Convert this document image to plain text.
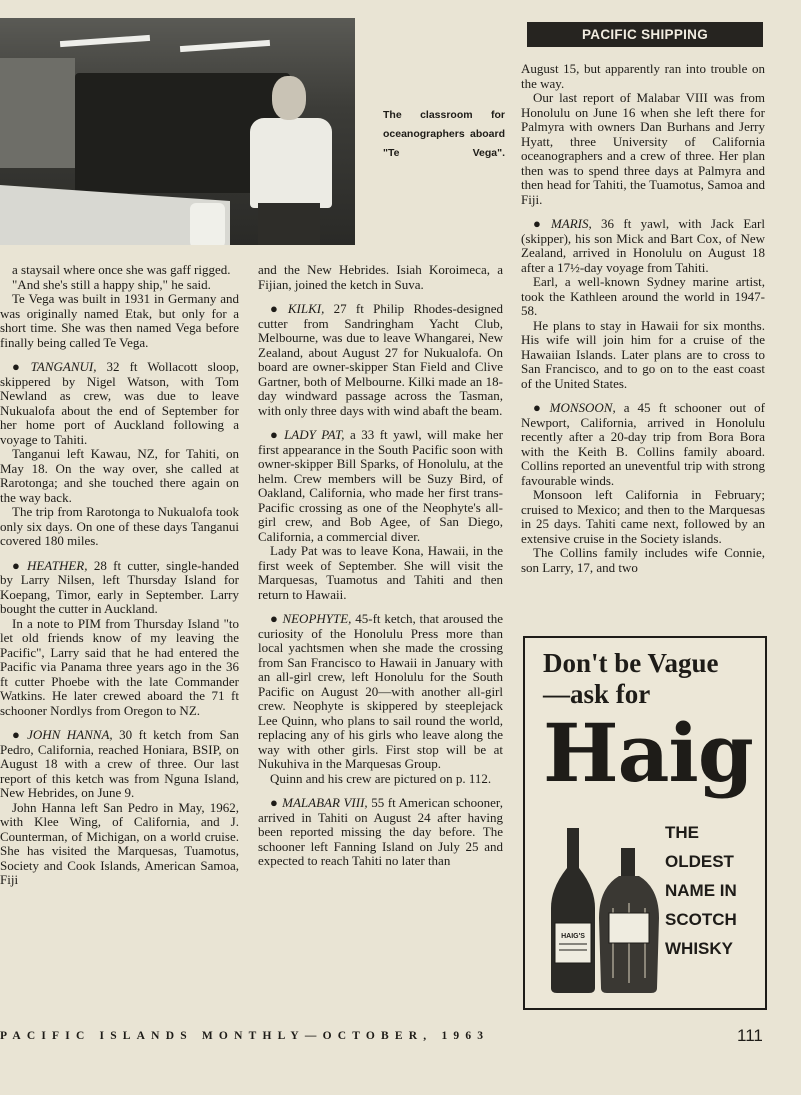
The classroom for oceanographers aboard "Te Vega".
PACIFIC SHIPPING

a staysail where once she was gaff rigged.

"And she's still a happy ship," he said.

Te Vega was built in 1931 in Germany and was originally named Etak, but only for a short time. She was then named Vega before finally being called Te Vega.

● TANGANUI, 32 ft Wollacott sloop, skippered by Nigel Watson, with Tom Newland as crew, was due to leave Nukualofa about the end of September for her home port of Auckland following a voyage to Tahiti.

Tanganui left Kawau, NZ, for Tahiti, on May 18. On the way over, she called at Rarotonga; and she touched there again on the way back.

The trip from Rarotonga to Nukualofa took only six days. On one of these days Tanganui covered 180 miles.

● HEATHER, 28 ft cutter, single-handed by Larry Nilsen, left Thursday Island for Koepang, Timor, early in September. Larry bought the cutter in Auckland.

In a note to PIM from Thursday Island "to let old friends know of my leaving the Pacific", Larry said that he had entered the Pacific via Panama three years ago in the 36 ft cutter Phoebe with the late Commander Watkins. He later crewed aboard the 71 ft schooner Nordlys from Oregon to NZ.

● JOHN HANNA, 30 ft ketch from San Pedro, California, reached Honiara, BSIP, on August 18 with a crew of three. Our last report of this ketch was from Nguna Island, New Hebrides, on June 9.

John Hanna left San Pedro in May, 1962, with Klee Wing, of California, and J. Counterman, of Michigan, on a world cruise. She has visited the Marquesas, Tuamotus, Society and Cook Islands, American Samoa, Fiji

and the New Hebrides. Isiah Koroimeca, a Fijian, joined the ketch in Suva.

● KILKI, 27 ft Philip Rhodes-designed cutter from Sandringham Yacht Club, Melbourne, was due to leave Whangarei, New Zealand, about August 27 for Nukualofa. On board are owner-skipper Stan Field and Clive Gartner, both of Melbourne. Kilki made an 18-day windward passage across the Tasman, with only three days with wind abaft the beam.

● LADY PAT, a 33 ft yawl, will make her first appearance in the South Pacific soon with owner-skipper Bill Sparks, of Honolulu, at the helm. Crew members will be Suzy Bird, of Oakland, California, who made her first trans-Pacific crossing as one of the Neophyte's all-girl crew, and Bob Agee, of San Diego, California, a commercial diver.

Lady Pat was to leave Kona, Hawaii, in the first week of September. She will visit the Marquesas, Tuamotus and Tahiti and then return to Hawaii.

● NEOPHYTE, 45-ft ketch, that aroused the curiosity of the Honolulu Press more than local yachtsmen when she made the crossing from San Francisco to Hawaii in January with an all-girl crew, left Honolulu for the South Pacific on August 20—with another all-girl crew. Neophyte is skippered by steeplejack Lee Quinn, who plans to sail round the world, replacing any of his girls who leave along the way with other girls. First stop will be at Nukuhiva in the Marquesas Group.

Quinn and his crew are pictured on p. 112.

● MALABAR VIII, 55 ft American schooner, arrived in Tahiti on August 24 after having been reported missing the day before. The schooner left Fanning Island on July 25 and expected to reach Tahiti no later than

August 15, but apparently ran into trouble on the way.

Our last report of Malabar VIII was from Honolulu on June 16 when she left there for Palmyra with owners Dan Burhans and Jerry Hyatt, three University of California oceanographers and a crew of three. Her plan then was to spend three days at Palmyra and then head for Tahiti, the Tuamotus, Samoa and Fiji.

● MARIS, 36 ft yawl, with Jack Earl (skipper), his son Mick and Bart Cox, of New Zealand, arrived in Honolulu on August 18 after a 17½-day voyage from Tahiti.

Earl, a well-known Sydney marine artist, took the Kathleen around the world in 1947-58.

He plans to stay in Hawaii for six months. His wife will join him for a cruise of the Hawaiian Islands. Later plans are to cross to San Francisco, and to go on to the east coast of the United States.

● MONSOON, a 45 ft schooner out of Newport, California, arrived in Honolulu recently after a 20-day trip from Bora Bora with the Keith B. Collins family aboard. Collins reported an uneventful trip with strong favourable winds.

Monsoon left California in February; cruised to Mexico; and then to the Marquesas in 25 days. Tahiti came next, followed by an extensive cruise in the Society islands.

The Collins family includes wife Connie, son Larry, 17, and two

Don't be Vague
—ask for
Haig
HAIG'S
THE
OLDEST
NAME IN
SCOTCH
WHISKY
PACIFIC ISLANDS MONTHLY—OCTOBER, 1963	111
